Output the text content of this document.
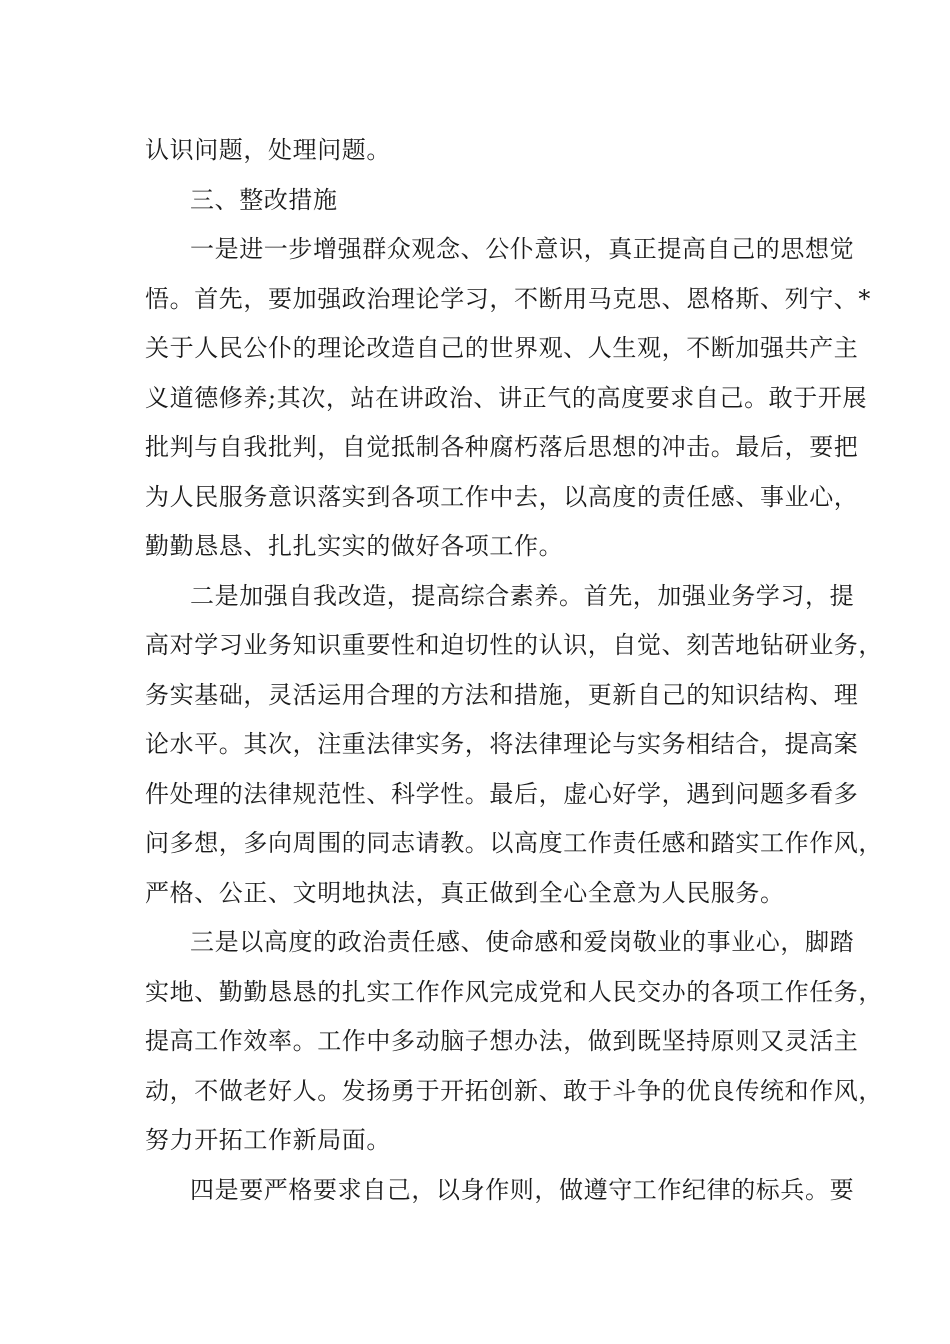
认识问题，处理问题。
三、整改措施
一是进一步增强群众观念、公仆意识，真正提高自己的思想觉
悟。首先，要加强政治理论学习，不断用马克思、恩格斯、列宁、*
关于人民公仆的理论改造自己的世界观、人生观，不断加强共产主
义道德修养;其次，站在讲政治、讲正气的高度要求自己。敢于开展
批判与自我批判，自觉抵制各种腐朽落后思想的冲击。最后，要把
为人民服务意识落实到各项工作中去，以高度的责任感、事业心，
勤勤恳恳、扎扎实实的做好各项工作。
二是加强自我改造，提高综合素养。首先，加强业务学习，提
高对学习业务知识重要性和迫切性的认识，自觉、刻苦地钻研业务，
务实基础，灵活运用合理的方法和措施，更新自己的知识结构、理
论水平。其次，注重法律实务，将法律理论与实务相结合，提高案
件处理的法律规范性、科学性。最后，虚心好学，遇到问题多看多
问多想，多向周围的同志请教。以高度工作责任感和踏实工作作风，
严格、公正、文明地执法，真正做到全心全意为人民服务。
三是以高度的政治责任感、使命感和爱岗敬业的事业心，脚踏
实地、勤勤恳恳的扎实工作作风完成党和人民交办的各项工作任务，
提高工作效率。工作中多动脑子想办法，做到既坚持原则又灵活主
动，不做老好人。发扬勇于开拓创新、敢于斗争的优良传统和作风，
努力开拓工作新局面。
四是要严格要求自己，以身作则，做遵守工作纪律的标兵。要
